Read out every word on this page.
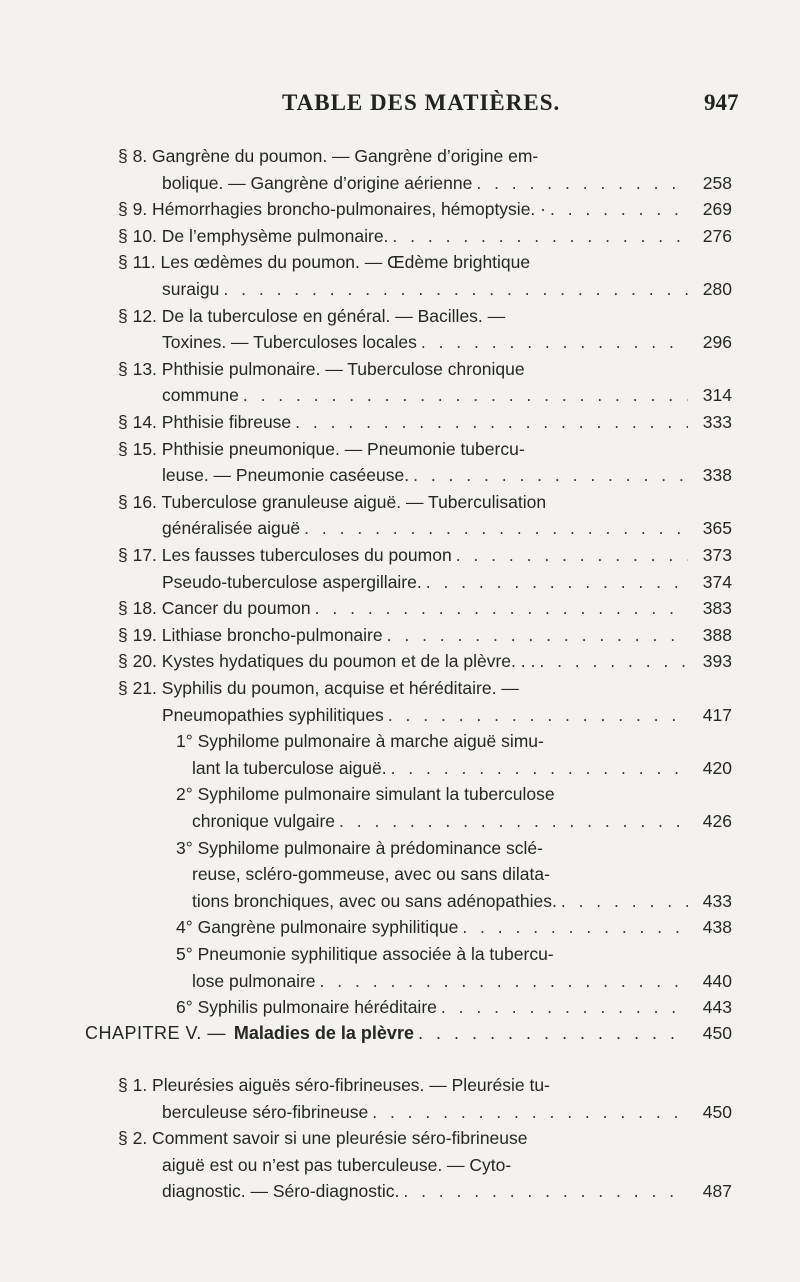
TABLE DES MATIÈRES.	947
§ 8. Gangrène du poumon. — Gangrène d’origine em-
bolique. — Gangrène d’origine aérienne . . .	258
§ 9. Hémorrhagies broncho-pulmonaires, hémoptysie. · . . .	269
§ 10. De l’emphysème pulmonaire. . . .	276
§ 11. Les œdèmes du poumon. — Œdème brightique
suraigu . . .	280
§ 12. De la tuberculose en général. — Bacilles. —
Toxines. — Tuberculoses locales . . .	296
§ 13. Phthisie pulmonaire. — Tuberculose chronique
commune . . .	314
§ 14. Phthisie fibreuse . . .	333
§ 15. Phthisie pneumonique. — Pneumonie tubercu-
leuse. — Pneumonie caséeuse. . . .	338
§ 16. Tuberculose granuleuse aiguë. — Tuberculisation
généralisée aiguë . . .	365
§ 17. Les fausses tuberculoses du poumon . . .	373
Pseudo-tuberculose aspergillaire. . . .	374
§ 18. Cancer du poumon . . .	383
§ 19. Lithiase broncho-pulmonaire . . .	388
§ 20. Kystes hydatiques du poumon et de la plèvre. . . . . .	393
§ 21. Syphilis du poumon, acquise et héréditaire. —
Pneumopathies syphilitiques . . .	417
1° Syphilome pulmonaire à marche aiguë simu-
lant la tuberculose aiguë. . . .	420
2° Syphilome pulmonaire simulant la tuberculose
chronique vulgaire . . .	426
3° Syphilome pulmonaire à prédominance sclé-
reuse, scléro-gommeuse, avec ou sans dilata-
tions bronchiques, avec ou sans adénopathies. . . .	433
4° Gangrène pulmonaire syphilitique . . .	438
5° Pneumonie syphilitique associée à la tubercu-
lose pulmonaire . . .	440
6° Syphilis pulmonaire héréditaire . . .	443
CHAPITRE V. — Maladies de la plèvre . . .	450
§ 1. Pleurésies aiguës séro-fibrineuses. — Pleurésie tu-
berculeuse séro-fibrineuse . . .	450
§ 2. Comment savoir si une pleurésie séro-fibrineuse
aiguë est ou n’est pas tuberculeuse. — Cyto-
diagnostic. — Séro-diagnostic. . . .	487
